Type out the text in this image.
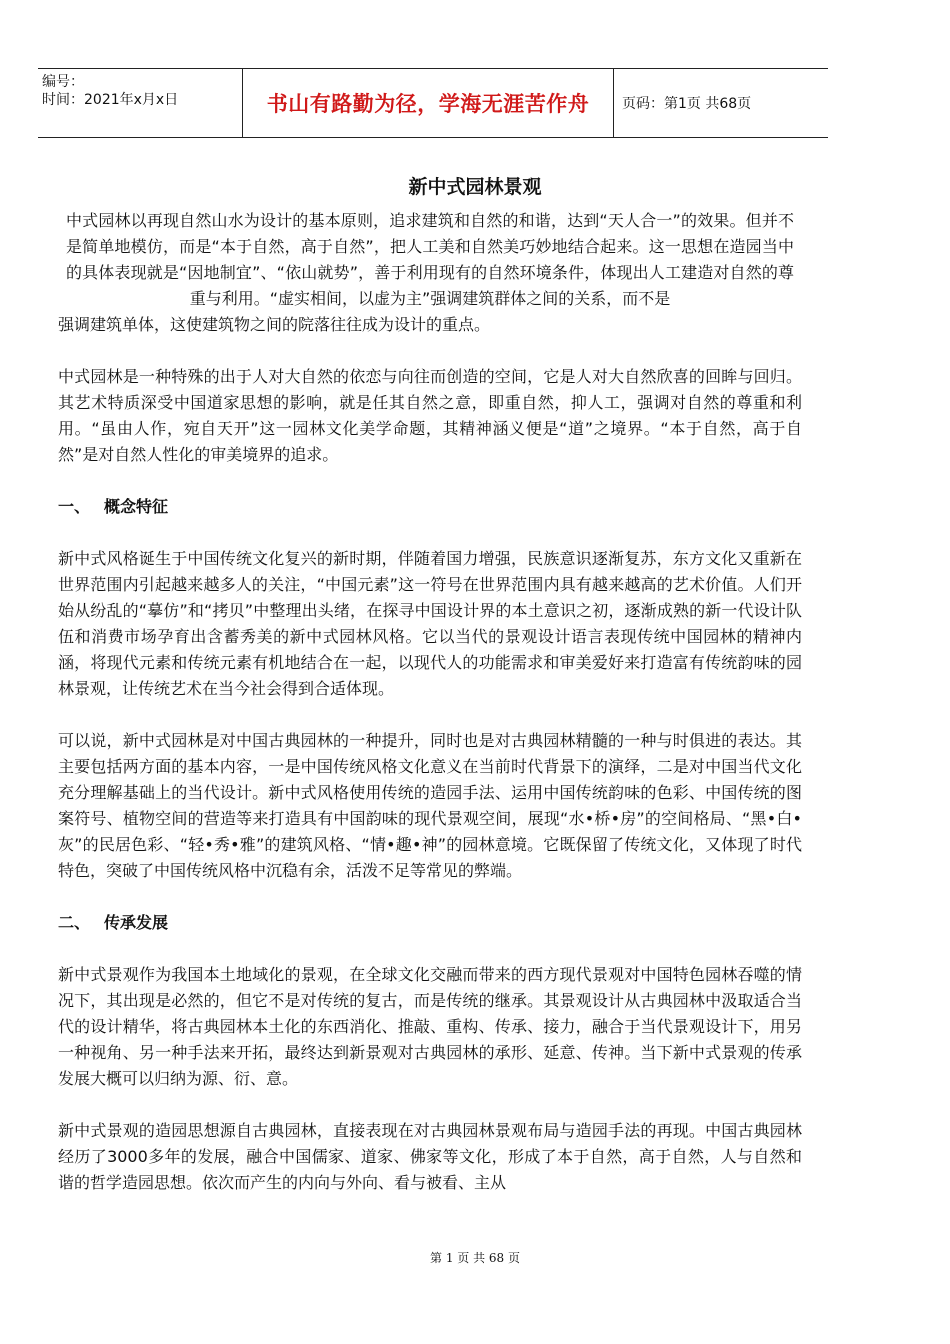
编号：
时间：2021年x月x日	书山有路勤为径，学海无涯苦作舟 页码：第1页 共68页
新中式园林景观
中式园林以再现自然山水为设计的基本原则，追求建筑和自然的和谐，达到“天人合一”的效果。但并不是简单地模仿，而是“本于自然，高于自然”，把人工美和自然美巧妙地结合起来。这一思想在造园当中的具体表现就是“因地制宜”、“依山就势”，善于利用现有的自然环境条件，体现出人工建造对自然的尊重与利用。“虚实相间，以虚为主”强调建筑群体之间的关系，而不是
强调建筑单体，这使建筑物之间的院落往往成为设计的重点。
中式园林是一种特殊的出于人对大自然的依恋与向往而创造的空间，它是人对大自然欣喜的回眸与回归。其艺术特质深受中国道家思想的影响，就是任其自然之意，即重自然，抑人工，强调对自然的尊重和利用。“虽由人作，宛自天开”这一园林文化美学命题，其精神涵义便是“道”之境界。“本于自然，高于自然”是对自然人性化的审美境界的追求。
一、 概念特征
新中式风格诞生于中国传统文化复兴的新时期，伴随着国力增强，民族意识逐渐复苏，东方文化又重新在世界范围内引起越来越多人的关注，“中国元素”这一符号在世界范围内具有越来越高的艺术价值。人们开始从纷乱的“摹仿”和“拷贝”中整理出头绪，在探寻中国设计界的本土意识之初，逐渐成熟的新一代设计队伍和消费市场孕育出含蓄秀美的新中式园林风格。它以当代的景观设计语言表现传统中国园林的精神内涵，将现代元素和传统元素有机地结合在一起，以现代人的功能需求和审美爱好来打造富有传统韵味的园林景观，让传统艺术在当今社会得到合适体现。
可以说，新中式园林是对中国古典园林的一种提升，同时也是对古典园林精髓的一种与时俱进的表达。其主要包括两方面的基本内容，一是中国传统风格文化意义在当前时代背景下的演绎，二是对中国当代文化充分理解基础上的当代设计。新中式风格使用传统的造园手法、运用中国传统韵味的色彩、中国传统的图案符号、植物空间的营造等来打造具有中国韵味的现代景观空间，展现“水•桥•房”的空间格局、“黑•白•灰”的民居色彩、“轻•秀•雅”的建筑风格、“情•趣•神”的园林意境。它既保留了传统文化，又体现了时代特色，突破了中国传统风格中沉稳有余，活泼不足等常见的弊端。
二、 传承发展
新中式景观作为我国本土地域化的景观，在全球文化交融而带来的西方现代景观对中国特色园林吞噬的情况下，其出现是必然的，但它不是对传统的复古，而是传统的继承。其景观设计从古典园林中汲取适合当代的设计精华，将古典园林本土化的东西消化、推敲、重构、传承、接力，融合于当代景观设计下，用另一种视角、另一种手法来开拓，最终达到新景观对古典园林的承形、延意、传神。当下新中式景观的传承发展大概可以归纳为源、衍、意。
新中式景观的造园思想源自古典园林，直接表现在对古典园林景观布局与造园手法的再现。中国古典园林经历了3000多年的发展，融合中国儒家、道家、佛家等文化，形成了本于自然，高于自然，人与自然和谐的哲学造园思想。依次而产生的内向与外向、看与被看、主从
第 1 页 共 68 页
